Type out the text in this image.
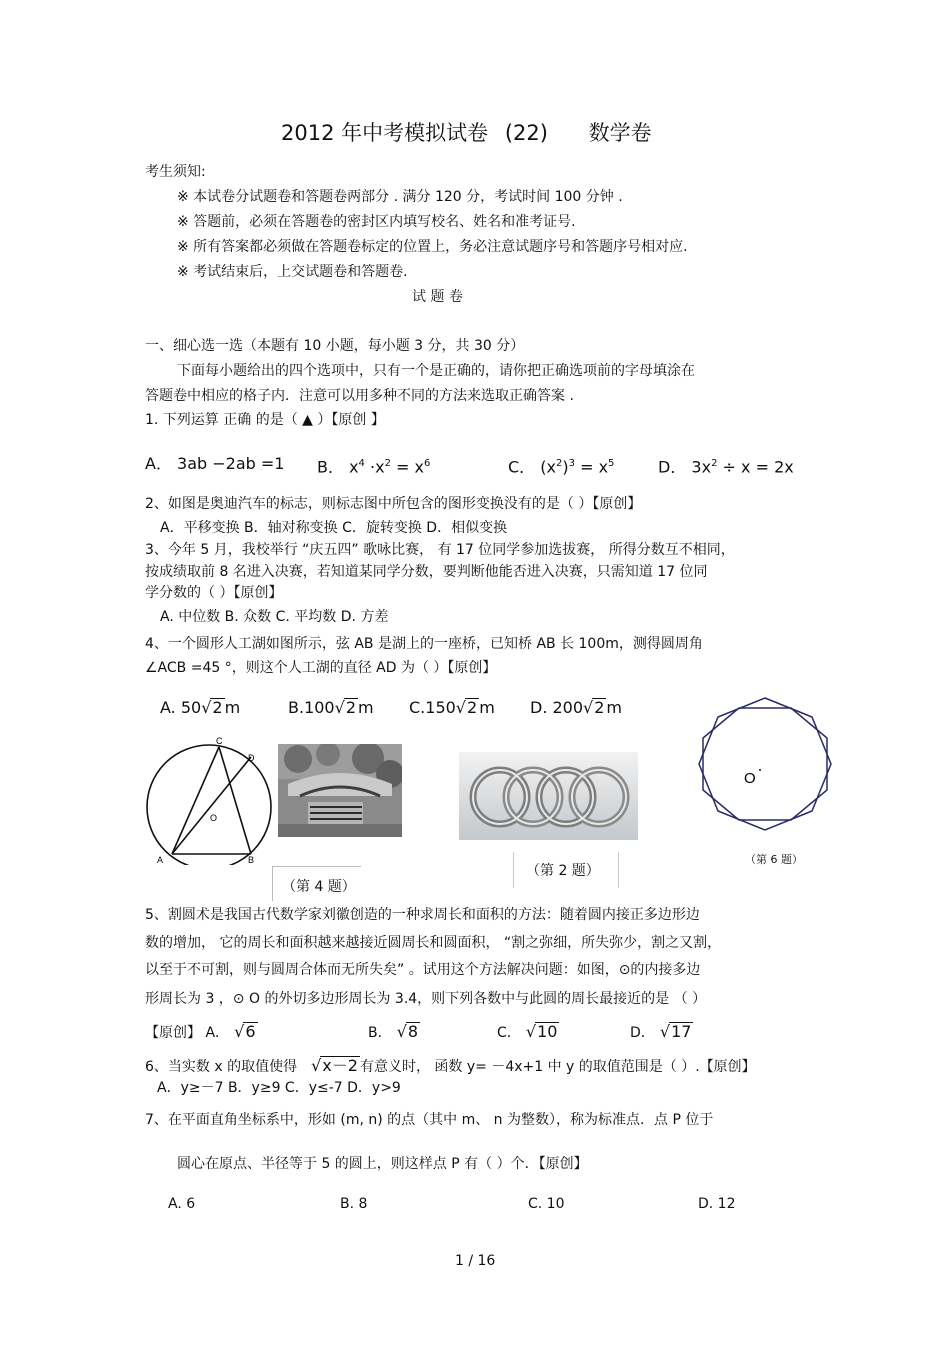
2012 年中考模拟试卷 (22) 数学卷
考生须知:
※ 本试卷分试题卷和答题卷两部分 . 满分 120 分，考试时间 100 分钟 .
※ 答题前，必须在答题卷的密封区内填写校名、姓名和准考证号.
※ 所有答案都必须做在答题卷标定的位置上，务必注意试题序号和答题序号相对应.
※ 考试结束后，上交试题卷和答题卷.
试 题 卷
一、细心选一选（本题有 10 小题，每小题 3 分，共 30 分）
下面每小题给出的四个选项中，只有一个是正确的，请你把正确选项前的字母填涂在
答题卷中相应的格子内．注意可以用多种不同的方法来选取正确答案 .
1. 下列运算 正确 的是（ ▲ ）【原创 】
A． 3ab −2ab =1 B． $x^4 \cdot x^2 = x^6$	C． $(x^2)^3 = x^5$	D． $3x^2 \div x = 2x$
2、如图是奥迪汽车的标志，则标志图中所包含的图形变换没有的是（ ）【原创】
A．平移变换 B．轴对称变换 C．旋转变换 D．相似变换
3、今年 5 月，我校举行 “庆五四” 歌咏比赛， 有 17 位同学参加选拔赛， 所得分数互不相同，
按成绩取前 8 名进入决赛，若知道某同学分数，要判断他能否进入决赛，只需知道 17 位同
学分数的（ ）【原创】
A. 中位数 B. 众数 C. 平均数 D. 方差
4、一个圆形人工湖如图所示，弦 AB 是湖上的一座桥，已知桥 AB 长 100m，测得圆周角
∠ACB =45 °，则这个人工湖的直径 AD 为（ ）【原创】
A. 50√2 m	B.100√2 m C.150√2 m D. 200√2 m
C
D
O
A	B
（第 4 题）
（第 2 题）
O
（第 6 题）
5、割圆术是我国古代数学家刘徽创造的一种求周长和面积的方法：随着圆内接正多边形边
数的增加， 它的周长和面积越来越接近圆周长和圆面积， “割之弥细，所失弥少，割之又割，
以至于不可割，则与圆周合体而无所失矣” 。试用这个方法解决问题：如图，⊙的内接多边
形周长为 3 ，⊙ O 的外切多边形周长为 3.4，则下列各数中与此圆的周长最接近的是 （ ）
【原创】 A． √6	B． √8	C． √10	D． √17
6、当实数 x 的取值使得 √x－2 有意义时， 函数 y= －4x+1 中 y 的取值范围是（ ）.【原创】
A．y≥－7 B．y≥9 C．y≤-7 D．y>9
7、在平面直角坐标系中，形如 (m, n) 的点（其中 m、 n 为整数），称为标准点．点 P 位于
圆心在原点、半径等于 5 的圆上，则这样点 P 有（ ）个．【原创】
A. 6	B. 8	C. 10	D. 12
1 / 16
